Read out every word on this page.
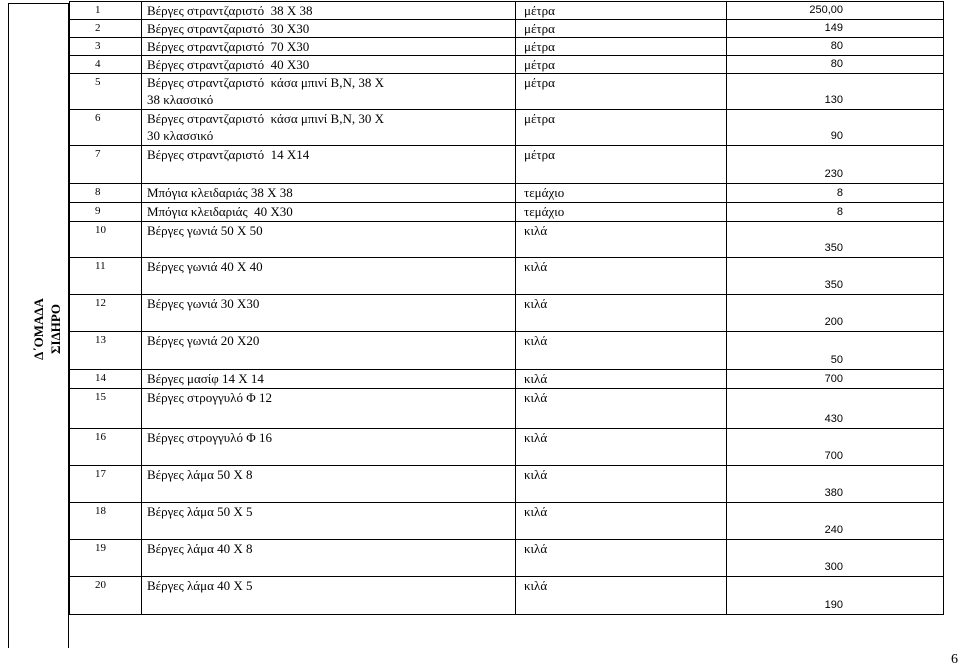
Δ΄ΟΜΑΔΑ ΣΙΔΗΡΟ
1	Βέργες στραντζαριστό  38 Χ 38	μέτρα	250,00
2	Βέργες στραντζαριστό  30 Χ30	μέτρα	149
3	Βέργες στραντζαριστό  70 Χ30	μέτρα	80
4	Βέργες στραντζαριστό  40 Χ30	μέτρα	80
5	Βέργες στραντζαριστό  κάσα μπινί Β,Ν, 38 Χ
38 κλασσικό	μέτρα	130
6	Βέργες στραντζαριστό  κάσα μπινί Β,Ν, 30 Χ
30 κλασσικό	μέτρα	90
7	Βέργες στραντζαριστό  14 Χ14	μέτρα	230
8	Μπόγια κλειδαριάς 38 Χ 38	τεμάχιο	8
9	Μπόγια κλειδαριάς  40 Χ30	τεμάχιο	8
10	Βέργες γωνιά 50 Χ 50	κιλά	350
11	Βέργες γωνιά 40 Χ 40	κιλά	350
12	Βέργες γωνιά 30 Χ30	κιλά	200
13	Βέργες γωνιά 20 Χ20	κιλά	50
14	Βέργες μασίφ 14 Χ 14	κιλά	700
15	Βέργες στρογγυλό Φ 12	κιλά	430
16	Βέργες στρογγυλό Φ 16	κιλά	700
17	Βέργες λάμα 50 Χ 8	κιλά	380
18	Βέργες λάμα 50 Χ 5	κιλά	240
19	Βέργες λάμα 40 Χ 8	κιλά	300
20	Βέργες λάμα 40 Χ 5	κιλά	190
6
